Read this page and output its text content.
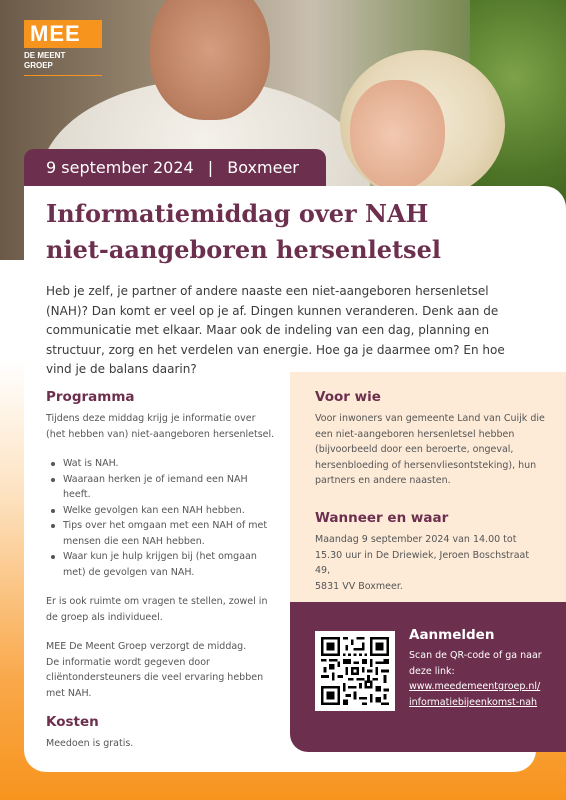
MEE
DE MEENT
GROEP
9 september 2024 | Boxmeer
Informatiemiddag over NAH
niet-aangeboren hersenletsel

Heb je zelf, je partner of andere naaste een niet-aangeboren hersenletsel (NAH)? Dan komt er veel op je af. Dingen kunnen veranderen. Denk aan de communicatie met elkaar. Maar ook de indeling van een dag, planning en structuur, zorg en het verdelen van energie. Hoe ga je daarmee om? En hoe vind je de balans daarin?

Programma
Tijdens deze middag krijg je informatie over (het hebben van) niet-aangeboren hersenletsel.
Wat is NAH.
Waaraan herken je of iemand een NAH heeft.
Welke gevolgen kan een NAH hebben.
Tips over het omgaan met een NAH of met mensen die een NAH hebben.
Waar kun je hulp krijgen bij (het omgaan met) de gevolgen van NAH.
Er is ook ruimte om vragen te stellen, zowel in de groep als individueel.
MEE De Meent Groep verzorgt de middag.
De informatie wordt gegeven door cliëntondersteuners die veel ervaring hebben met NAH.
Kosten
Meedoen is gratis.
Voor wie
Voor inwoners van gemeente Land van Cuijk die een niet-aangeboren hersenletsel hebben (bijvoorbeeld door een beroerte, ongeval, hersenbloeding of hersenvliesontsteking), hun partners en andere naasten.
Wanneer en waar
Maandag 9 september 2024 van 14.00 tot 15.30 uur in De Driewiek, Jeroen Boschstraat 49,
5831 VV Boxmeer.
Aanmelden
Scan de QR-code of ga naar deze link:
www.meedemeentgroep.nl/
informatiebijeenkomst-nah
